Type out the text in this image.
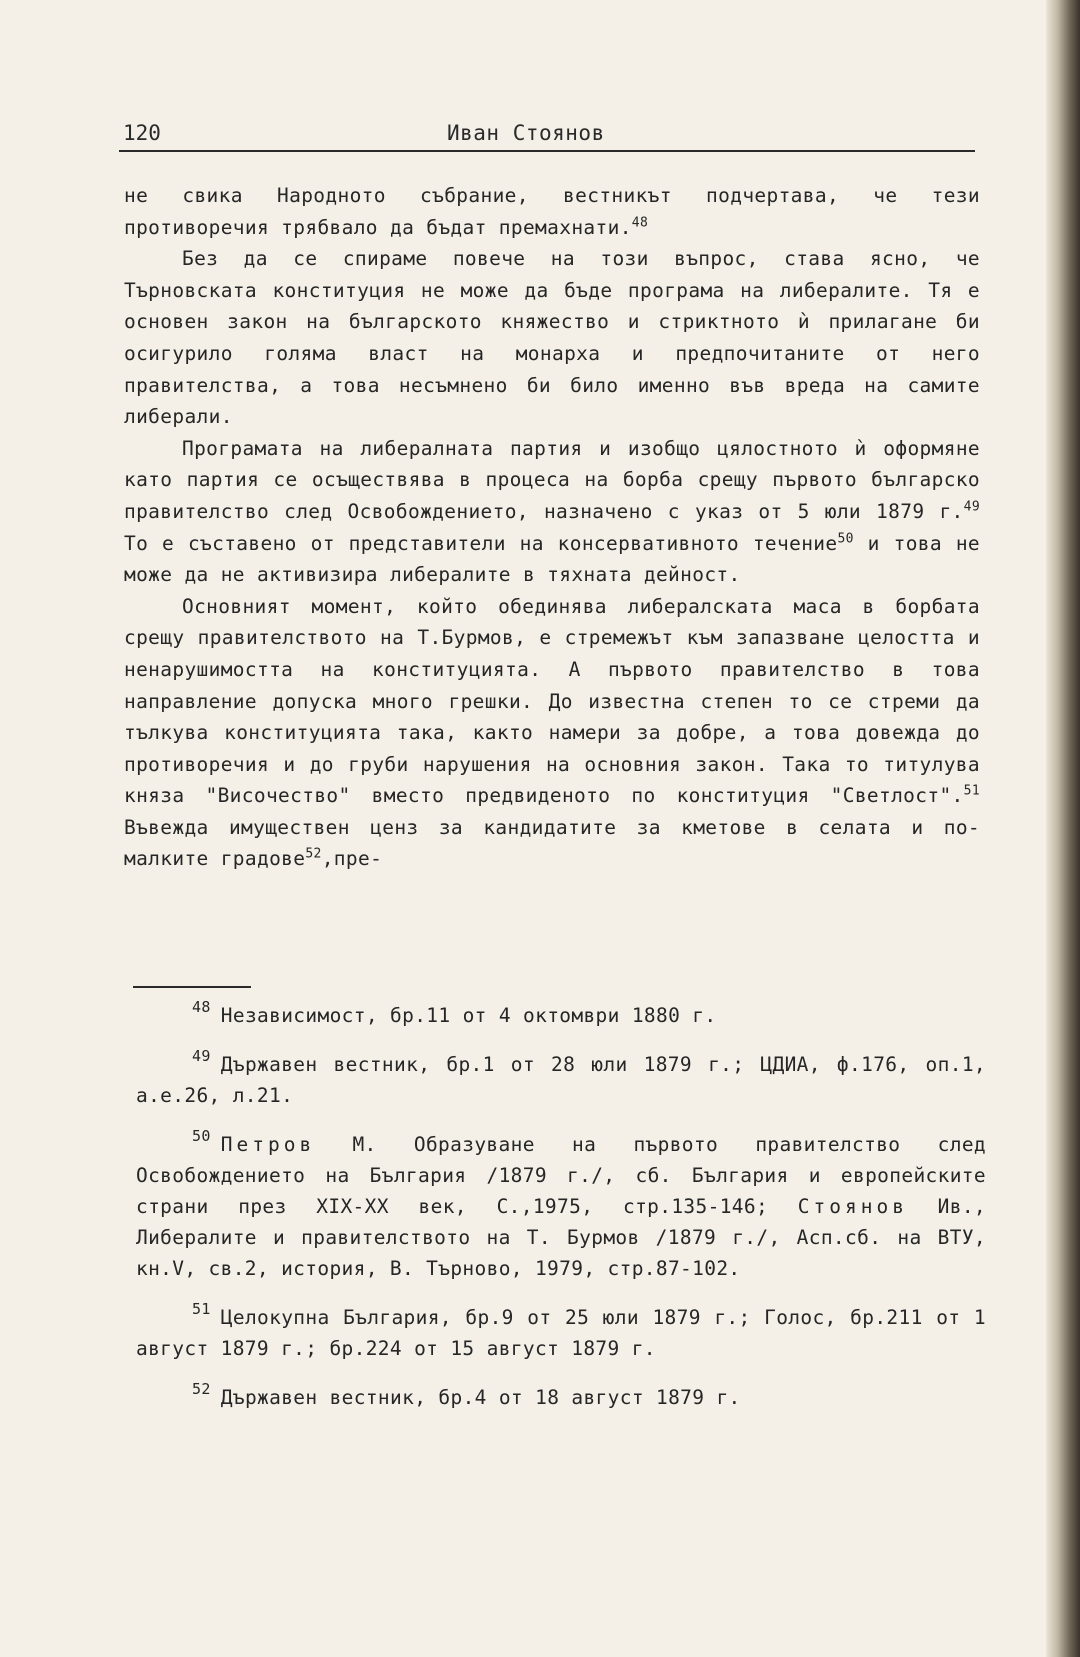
120	Иван Стоянов

не свика Народното събрание, вестникът подчертава, че тези противоречия трябвало да бъдат премахнати.$^{48}$

Без да се спираме повече на този въпрос, става ясно, че Търновската конституция не може да бъде програма на либералите. Тя е основен закон на българското княжество и стриктното ѝ прилагане би осигурило голяма власт на монарха и предпочитаните от него правителства, а това несъмнено би било именно във вреда на самите либерали.

Програмата на либералната партия и изобщо цялостното ѝ оформяне като партия се осъществява в процеса на борба срещу първото българско правителство след Освобождението, назначено с указ от 5 юли 1879 г.$^{49}$ То е съставено от представители на консервативното течение$^{50}$ и това не може да не активизира либералите в тяхната дейност.

Основният момент, който обединява либералската маса в борбата срещу правителството на Т.Бурмов, е стремежът към запазване целостта и ненарушимостта на конституцията. А първото правителство в това направление допуска много грешки. До известна степен то се стреми да тълкува конституцията така, както намери за добре, а това довежда до противоречия и до груби нарушения на основния закон. Така то титулува княза "Височество" вместо предвиденото по конституция "Светлост".$^{51}$ Въвежда имуществен ценз за кандидатите за кметове в селата и по-малките градове$^{52}$,пре-

48 Независимост, бр.11 от 4 октомври 1880 г.

49 Държавен вестник, бр.1 от 28 юли 1879 г.; ЦДИА, ф.176, оп.1, а.е.26, л.21.

50 Петров М. Образуване на първото правителство след Освобождението на България /1879 г./, сб. България и европейските страни през XIX-XX век, С.,1975, стр.135-146; Стоянов Ив., Либералите и правителството на Т. Бурмов /1879 г./, Асп.сб. на ВТУ, кн.V, св.2, история, В. Търново, 1979, стр.87-102.

51 Целокупна България, бр.9 от 25 юли 1879 г.; Голос, бр.211 от 1 август 1879 г.; бр.224 от 15 август 1879 г.

52 Държавен вестник, бр.4 от 18 август 1879 г.
